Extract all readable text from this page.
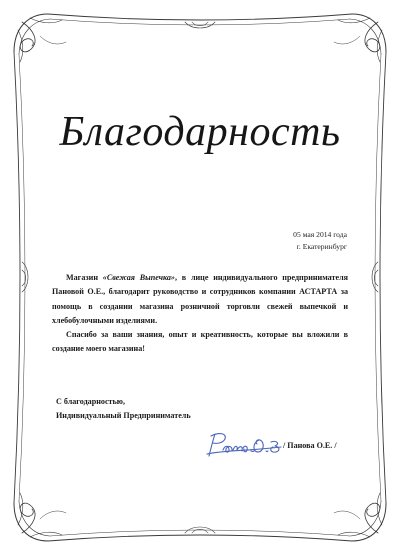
Благодарность
05 мая 2014 года
г. Екатеринбург

Магазин «Свежая Выпечка», в лице индивидуального предпринимателя Пановой О.Е., благодарит руководство и сотрудников компании АСТАРТА за помощь в создании магазина розничной торговли свежей выпечкой и хлебобулочными изделиями.

Спасибо за ваши знания, опыт и креативность, которые вы вложили в создание моего магазина!

С благодарностью,
Индивидуальный Предприниматель
/ Панова О.Е. /
